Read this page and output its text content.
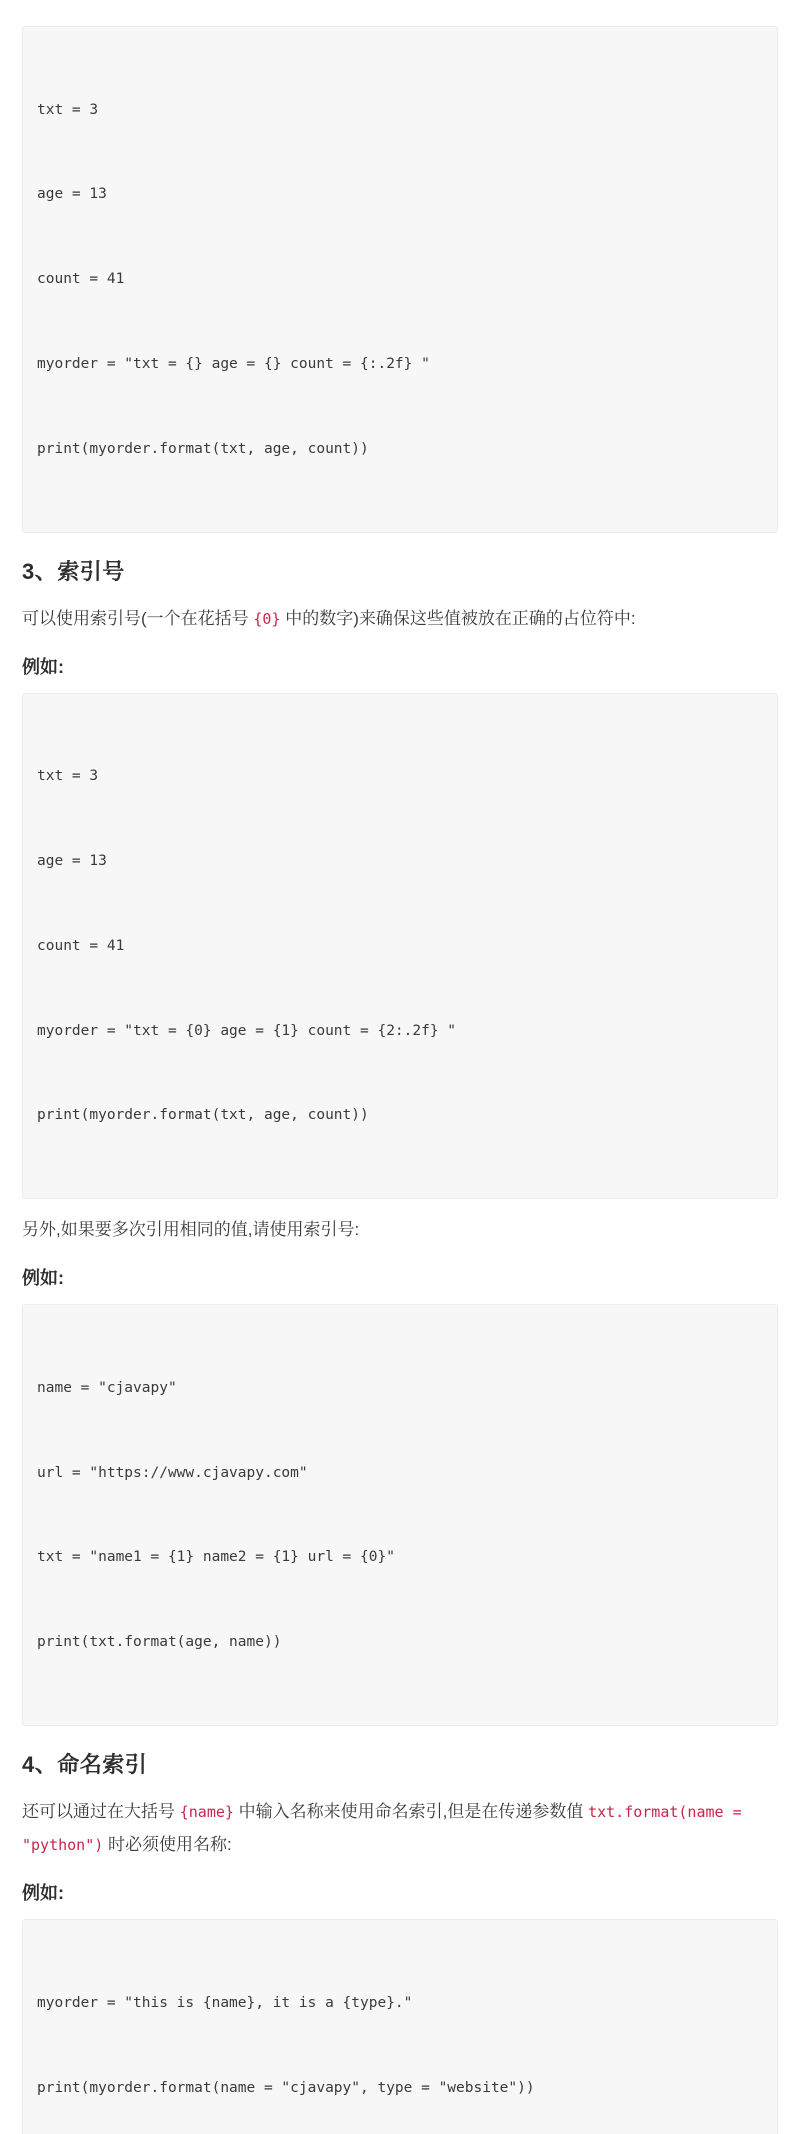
txt = 3

age = 13

count = 41

myorder = "txt = {} age = {} count = {:.2f} "

print(myorder.format(txt, age, count))

3、索引号

可以使用索引号(一个在花括号 {0} 中的数字)来确保这些值被放在正确的占位符中:

例如:

txt = 3

age = 13

count = 41

myorder = "txt = {0} age = {1} count = {2:.2f} "

print(myorder.format(txt, age, count))

另外,如果要多次引用相同的值,请使用索引号:

例如:

name = "cjavapy"

url = "https://www.cjavapy.com"

txt = "name1 = {1} name2 = {1} url = {0}"

print(txt.format(age, name))

4、命名索引

还可以通过在大括号 {name} 中输入名称来使用命名索引,但是在传递参数值 txt.format(name = "python") 时必须使用名称:

例如:

myorder = "this is {name}, it is a {type}."

print(myorder.format(name = "cjavapy", type = "website"))
